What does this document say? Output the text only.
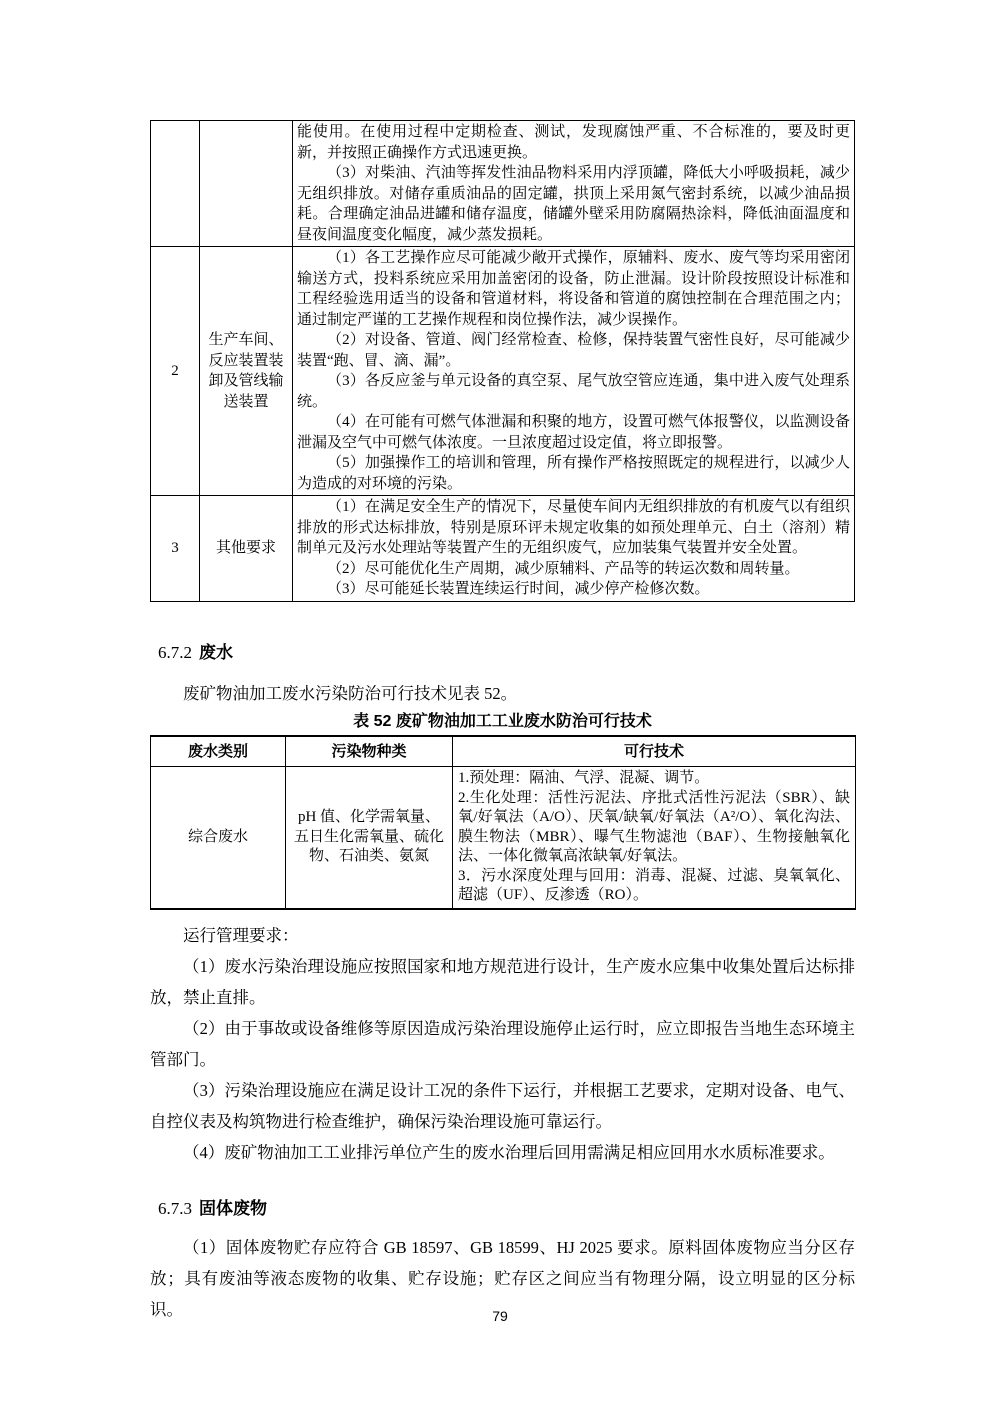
		能使用。在使用过程中定期检查、测试，发现腐蚀严重、不合标准的，要及时更新，并按照正确操作方式迅速更换。

（3）对柴油、汽油等挥发性油品物料采用内浮顶罐，降低大小呼吸损耗，减少无组织排放。对储存重质油品的固定罐，拱顶上采用氮气密封系统，以减少油品损耗。合理确定油品进罐和储存温度，储罐外壁采用防腐隔热涂料，降低油面温度和昼夜间温度变化幅度，减少蒸发损耗。

2	生产车间、反应装置装卸及管线输送装置	（1）各工艺操作应尽可能减少敞开式操作，原辅料、废水、废气等均采用密闭输送方式，投料系统应采用加盖密闭的设备，防止泄漏。设计阶段按照设计标准和工程经验选用适当的设备和管道材料，将设备和管道的腐蚀控制在合理范围之内；通过制定严谨的工艺操作规程和岗位操作法，减少误操作。

（2）对设备、管道、阀门经常检查、检修，保持装置气密性良好，尽可能减少装置“跑、冒、滴、漏”。

（3）各反应釜与单元设备的真空泵、尾气放空管应连通，集中进入废气处理系统。

（4）在可能有可燃气体泄漏和积聚的地方，设置可燃气体报警仪，以监测设备泄漏及空气中可燃气体浓度。一旦浓度超过设定值，将立即报警。

（5）加强操作工的培训和管理，所有操作严格按照既定的规程进行，以减少人为造成的对环境的污染。

3	其他要求	（1）在满足安全生产的情况下，尽量使车间内无组织排放的有机废气以有组织排放的形式达标排放，特别是原环评未规定收集的如预处理单元、白土（溶剂）精制单元及污水处理站等装置产生的无组织废气，应加装集气装置并安全处置。

（2）尽可能优化生产周期，减少原辅料、产品等的转运次数和周转量。

（3）尽可能延长装置连续运行时间，减少停产检修次数。

6.7.2 废水

废矿物油加工废水污染防治可行技术见表 52。

表 52 废矿物油加工工业废水防治可行技术
废水类别	污染物种类	可行技术
综合废水	pH 值、化学需氧量、五日生化需氧量、硫化物、石油类、氨氮	1.预处理：隔油、气浮、混凝、调节。

2.生化处理：活性污泥法、序批式活性污泥法（SBR）、缺氧/好氧法（A/O）、厌氧/缺氧/好氧法（A²/O）、氧化沟法、膜生物法（MBR）、曝气生物滤池（BAF）、生物接触氧化法、一体化微氧高浓缺氧/好氧法。

3．污水深度处理与回用：消毒、混凝、过滤、臭氧氧化、超滤（UF）、反渗透（RO）。

运行管理要求：

（1）废水污染治理设施应按照国家和地方规范进行设计，生产废水应集中收集处置后达标排放，禁止直排。

（2）由于事故或设备维修等原因造成污染治理设施停止运行时，应立即报告当地生态环境主管部门。

（3）污染治理设施应在满足设计工况的条件下运行，并根据工艺要求，定期对设备、电气、自控仪表及构筑物进行检查维护，确保污染治理设施可靠运行。

（4）废矿物油加工工业排污单位产生的废水治理后回用需满足相应回用水水质标准要求。

6.7.3 固体废物

（1）固体废物贮存应符合 GB 18597、GB 18599、HJ 2025 要求。原料固体废物应当分区存放；具有废油等液态废物的收集、贮存设施；贮存区之间应当有物理分隔，设立明显的区分标识。	79
